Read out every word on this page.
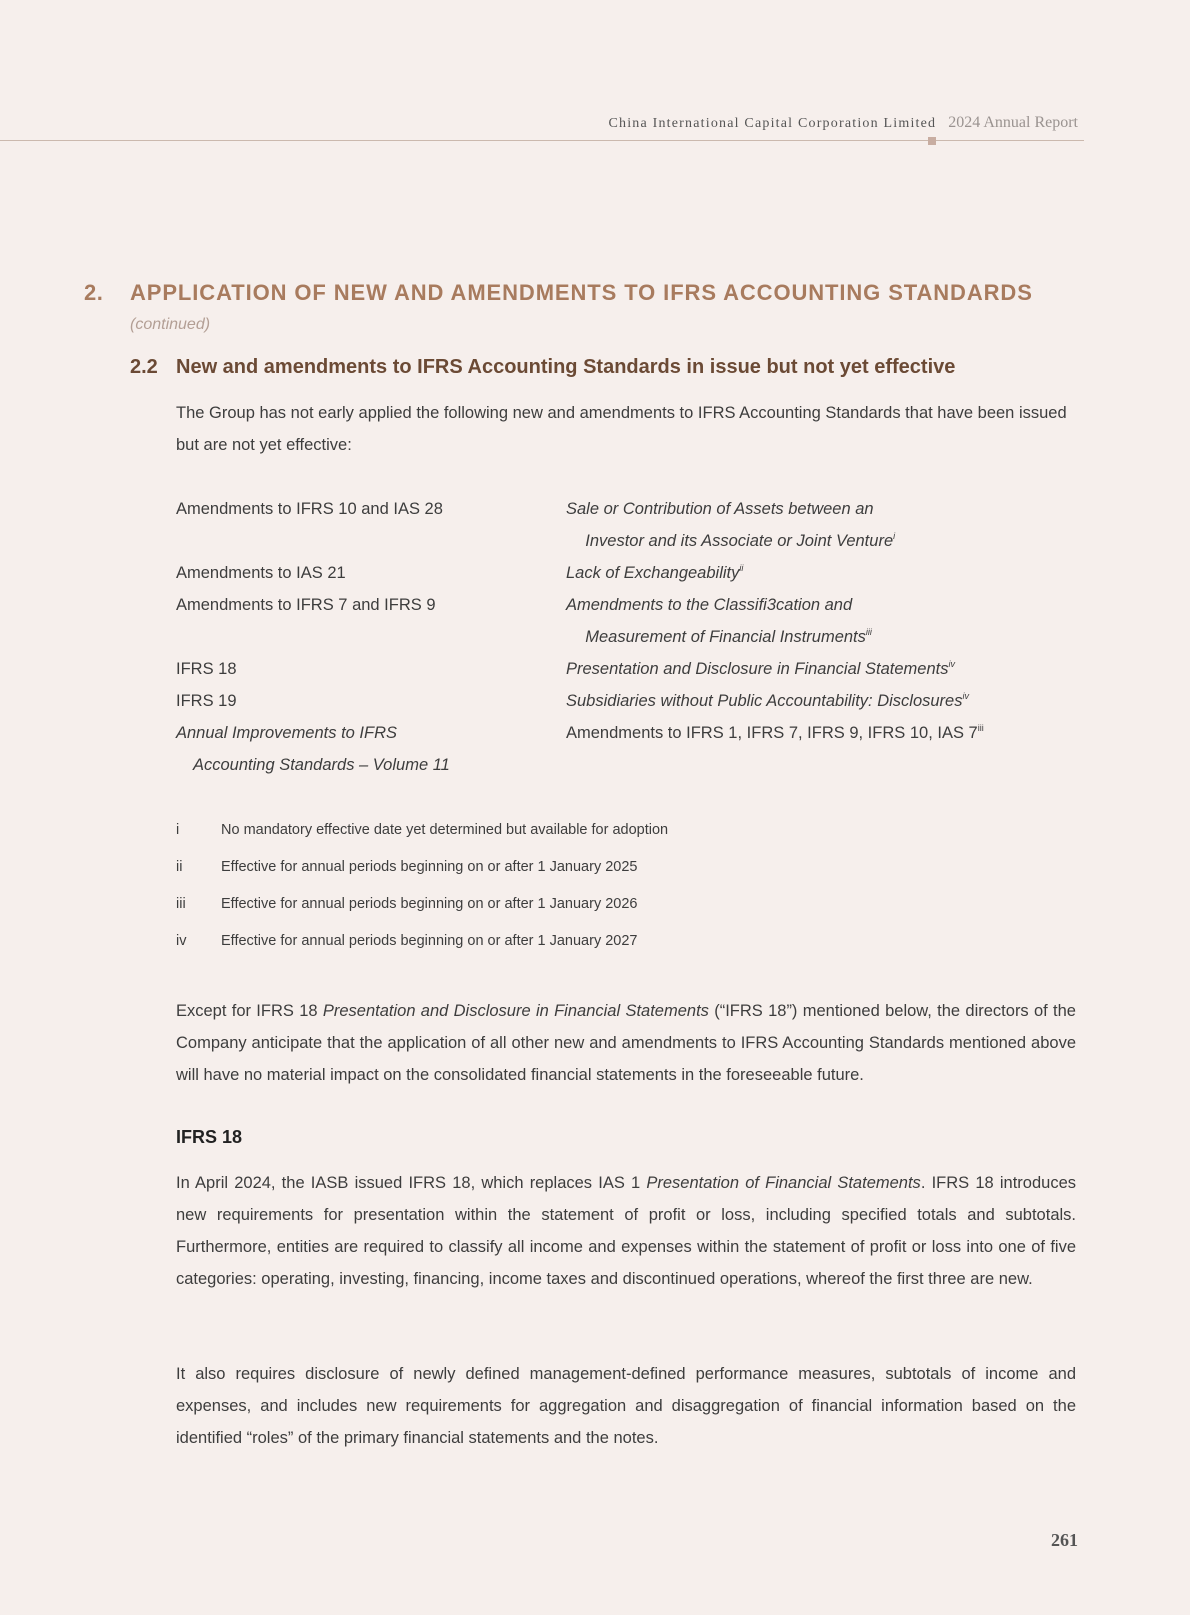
China International Capital Corporation Limited 2024 Annual Report
2. APPLICATION OF NEW AND AMENDMENTS TO IFRS ACCOUNTING STANDARDS
(continued)
2.2 New and amendments to IFRS Accounting Standards in issue but not yet effective
The Group has not early applied the following new and amendments to IFRS Accounting Standards that have been issued but are not yet effective:
Amendments to IFRS 10 and IAS 28	Sale or Contribution of Assets between an
Investor and its Associate or Joint Venture$^i$
Amendments to IAS 21	Lack of Exchangeability$^{ii}$
Amendments to IFRS 7 and IFRS 9	Amendments to the Classifi3cation and
Measurement of Financial Instruments$^{iii}$
IFRS 18	Presentation and Disclosure in Financial Statements$^{iv}$
IFRS 19	Subsidiaries without Public Accountability: Disclosures$^{iv}$
Annual Improvements to IFRS	Amendments to IFRS 1, IFRS 7, IFRS 9, IFRS 10, IAS 7$^{iii}$
Accounting Standards – Volume 11
i	No mandatory effective date yet determined but available for adoption
ii	Effective for annual periods beginning on or after 1 January 2025
iii	Effective for annual periods beginning on or after 1 January 2026
iv	Effective for annual periods beginning on or after 1 January 2027
Except for IFRS 18 Presentation and Disclosure in Financial Statements (“IFRS 18”) mentioned below, the directors of the Company anticipate that the application of all other new and amendments to IFRS Accounting Standards mentioned above will have no material impact on the consolidated financial statements in the foreseeable future.
IFRS 18
In April 2024, the IASB issued IFRS 18, which replaces IAS 1 Presentation of Financial Statements. IFRS 18 introduces new requirements for presentation within the statement of profit or loss, including specified totals and subtotals. Furthermore, entities are required to classify all income and expenses within the statement of profit or loss into one of five categories: operating, investing, financing, income taxes and discontinued operations, whereof the first three are new.
It also requires disclosure of newly defined management-defined performance measures, subtotals of income and expenses, and includes new requirements for aggregation and disaggregation of financial information based on the identified “roles” of the primary financial statements and the notes.
261
